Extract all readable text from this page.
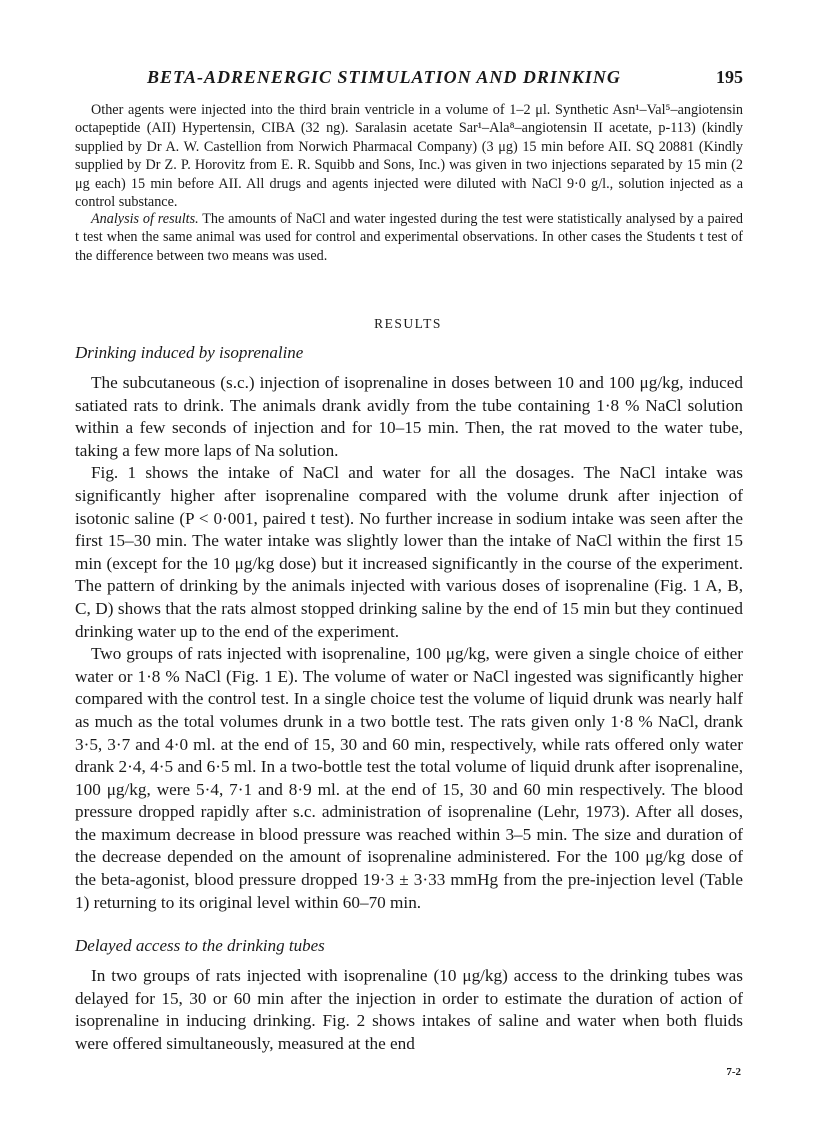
BETA-ADRENERGIC STIMULATION AND DRINKING	195

Other agents were injected into the third brain ventricle in a volume of 1–2 μl. Synthetic Asn¹–Val⁵–angiotensin octapeptide (AII) Hypertensin, CIBA (32 ng). Saralasin acetate Sar¹–Ala⁸–angiotensin II acetate, p-113) (kindly supplied by Dr A. W. Castellion from Norwich Pharmacal Company) (3 μg) 15 min before AII. SQ 20881 (Kindly supplied by Dr Z. P. Horovitz from E. R. Squibb and Sons, Inc.) was given in two injections separated by 15 min (2 μg each) 15 min before AII. All drugs and agents injected were diluted with NaCl 9·0 g/l., solution injected as a control substance.

Analysis of results. The amounts of NaCl and water ingested during the test were statistically analysed by a paired t test when the same animal was used for control and experimental observations. In other cases the Students t test of the difference between two means was used.

RESULTS
Drinking induced by isoprenaline

The subcutaneous (s.c.) injection of isoprenaline in doses between 10 and 100 μg/kg, induced satiated rats to drink. The animals drank avidly from the tube containing 1·8 % NaCl solution within a few seconds of injection and for 10–15 min. Then, the rat moved to the water tube, taking a few more laps of Na solution.

Fig. 1 shows the intake of NaCl and water for all the dosages. The NaCl intake was significantly higher after isoprenaline compared with the volume drunk after injection of isotonic saline (P < 0·001, paired t test). No further increase in sodium intake was seen after the first 15–30 min. The water intake was slightly lower than the intake of NaCl within the first 15 min (except for the 10 μg/kg dose) but it increased significantly in the course of the experiment. The pattern of drinking by the animals injected with various doses of isoprenaline (Fig. 1 A, B, C, D) shows that the rats almost stopped drinking saline by the end of 15 min but they continued drinking water up to the end of the experiment.

Two groups of rats injected with isoprenaline, 100 μg/kg, were given a single choice of either water or 1·8 % NaCl (Fig. 1 E). The volume of water or NaCl ingested was significantly higher compared with the control test. In a single choice test the volume of liquid drunk was nearly half as much as the total volumes drunk in a two bottle test. The rats given only 1·8 % NaCl, drank 3·5, 3·7 and 4·0 ml. at the end of 15, 30 and 60 min, respectively, while rats offered only water drank 2·4, 4·5 and 6·5 ml. In a two-bottle test the total volume of liquid drunk after isoprenaline, 100 μg/kg, were 5·4, 7·1 and 8·9 ml. at the end of 15, 30 and 60 min respectively. The blood pressure dropped rapidly after s.c. administration of isoprenaline (Lehr, 1973). After all doses, the maximum decrease in blood pressure was reached within 3–5 min. The size and duration of the decrease depended on the amount of isoprenaline administered. For the 100 μg/kg dose of the beta-agonist, blood pressure dropped 19·3 ± 3·33 mmHg from the pre-injection level (Table 1) returning to its original level within 60–70 min.

Delayed access to the drinking tubes

In two groups of rats injected with isoprenaline (10 μg/kg) access to the drinking tubes was delayed for 15, 30 or 60 min after the injection in order to estimate the duration of action of isoprenaline in inducing drinking. Fig. 2 shows intakes of saline and water when both fluids were offered simultaneously, measured at the end

7-2
